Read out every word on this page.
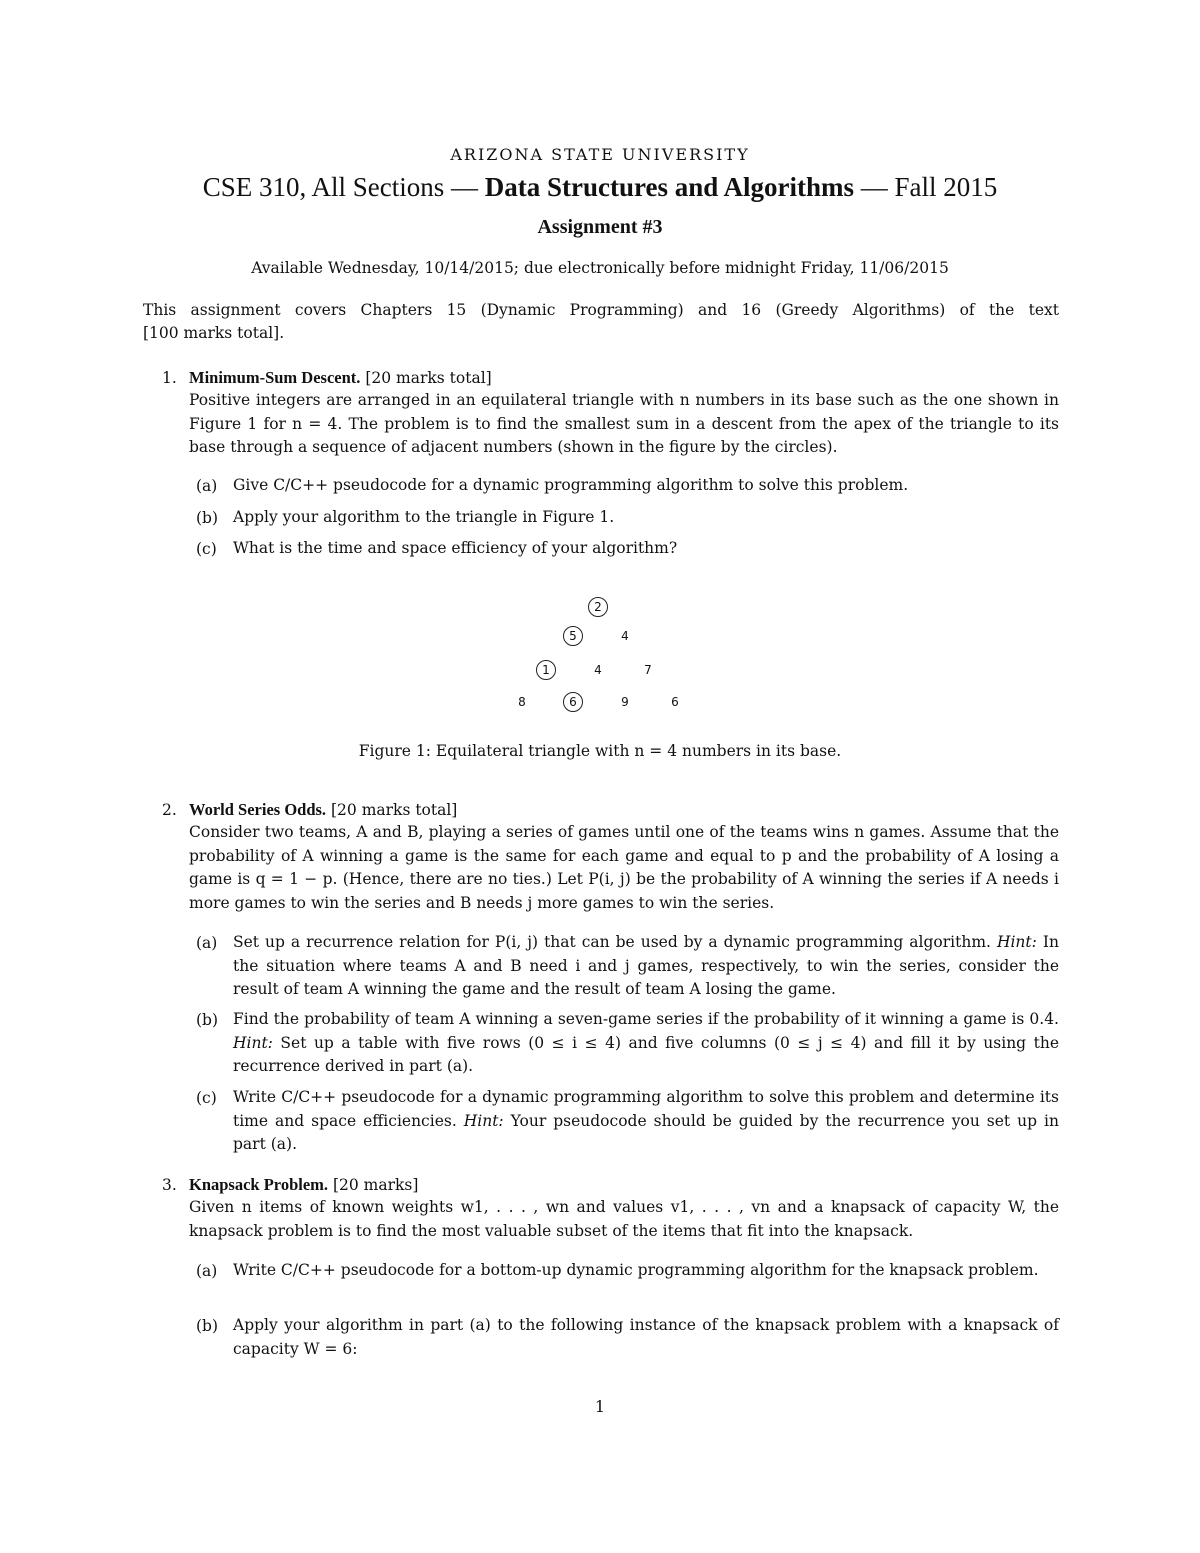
ARIZONA STATE UNIVERSITY
CSE 310, All Sections — Data Structures and Algorithms — Fall 2015
Assignment #3
Available Wednesday, 10/14/2015; due electronically before midnight Friday, 11/06/2015
This assignment covers Chapters 15 (Dynamic Programming) and 16 (Greedy Algorithms) of the text
[100 marks total].
1. Minimum-Sum Descent. [20 marks total]
Positive integers are arranged in an equilateral triangle with n numbers in its base such as the one shown in Figure 1 for n = 4. The problem is to find the smallest sum in a descent from the apex of the triangle to its base through a sequence of adjacent numbers (shown in the figure by the circles).
(a) Give C/C++ pseudocode for a dynamic programming algorithm to solve this problem.
(b) Apply your algorithm to the triangle in Figure 1.
(c) What is the time and space efficiency of your algorithm?
2
5	4
1	4	7
8	6	9	6
Figure 1: Equilateral triangle with n = 4 numbers in its base.
2. World Series Odds. [20 marks total]
Consider two teams, A and B, playing a series of games until one of the teams wins n games. Assume that the probability of A winning a game is the same for each game and equal to p and the probability of A losing a game is q = 1 − p. (Hence, there are no ties.) Let P(i, j) be the probability of A winning the series if A needs i more games to win the series and B needs j more games to win the series.
(a) Set up a recurrence relation for P(i, j) that can be used by a dynamic programming algorithm. Hint: In the situation where teams A and B need i and j games, respectively, to win the series, consider the result of team A winning the game and the result of team A losing the game.
(b) Find the probability of team A winning a seven-game series if the probability of it winning a game is 0.4. Hint: Set up a table with five rows (0 ≤ i ≤ 4) and five columns (0 ≤ j ≤ 4) and fill it by using the recurrence derived in part (a).
(c) Write C/C++ pseudocode for a dynamic programming algorithm to solve this problem and determine its time and space efficiencies. Hint: Your pseudocode should be guided by the recurrence you set up in part (a).
3. Knapsack Problem. [20 marks]
Given n items of known weights w1, . . . , wn and values v1, . . . , vn and a knapsack of capacity W, the knapsack problem is to find the most valuable subset of the items that fit into the knapsack.
(a) Write C/C++ pseudocode for a bottom-up dynamic programming algorithm for the knapsack problem.
(b) Apply your algorithm in part (a) to the following instance of the knapsack problem with a knapsack of capacity W = 6:
1
